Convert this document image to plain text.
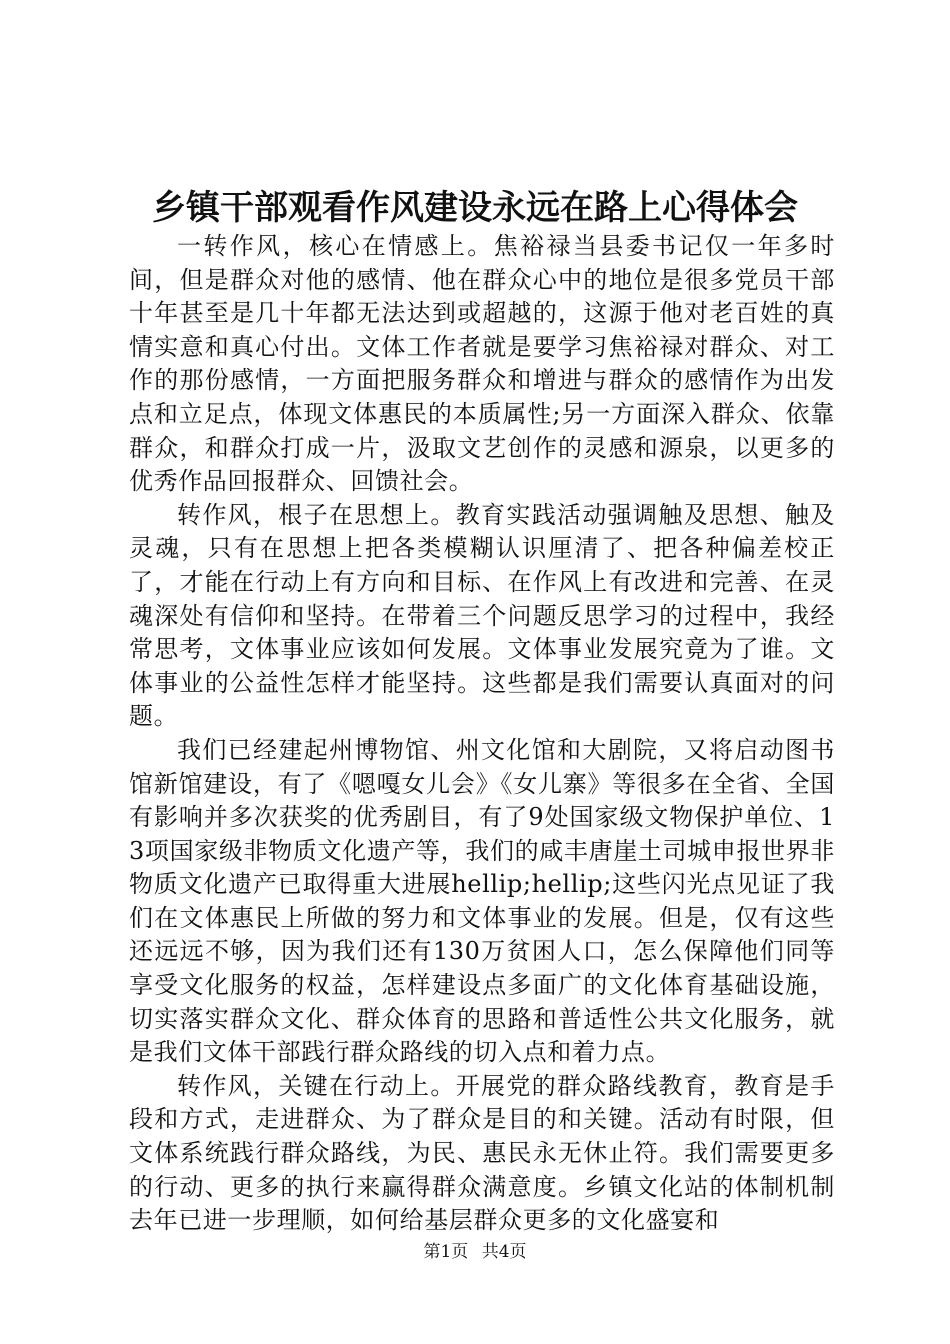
乡镇干部观看作风建设永远在路上心得体会

一转作风，核心在情感上。焦裕禄当县委书记仅一年多时间，但是群众对他的感情、他在群众心中的地位是很多党员干部十年甚至是几十年都无法达到或超越的，这源于他对老百姓的真情实意和真心付出。文体工作者就是要学习焦裕禄对群众、对工作的那份感情，一方面把服务群众和增进与群众的感情作为出发点和立足点，体现文体惠民的本质属性;另一方面深入群众、依靠群众，和群众打成一片，汲取文艺创作的灵感和源泉，以更多的优秀作品回报群众、回馈社会。

转作风，根子在思想上。教育实践活动强调触及思想、触及灵魂，只有在思想上把各类模糊认识厘清了、把各种偏差校正了，才能在行动上有方向和目标、在作风上有改进和完善、在灵魂深处有信仰和坚持。在带着三个问题反思学习的过程中，我经常思考，文体事业应该如何发展。文体事业发展究竟为了谁。文体事业的公益性怎样才能坚持。这些都是我们需要认真面对的问题。

我们已经建起州博物馆、州文化馆和大剧院，又将启动图书馆新馆建设，有了《嗯嘎女儿会》《女儿寨》等很多在全省、全国有影响并多次获奖的优秀剧目，有了9处国家级文物保护单位、13项国家级非物质文化遗产等，我们的咸丰唐崖土司城申报世界非物质文化遗产已取得重大进展hellip;hellip;这些闪光点见证了我们在文体惠民上所做的努力和文体事业的发展。但是，仅有这些还远远不够，因为我们还有130万贫困人口，怎么保障他们同等享受文化服务的权益，怎样建设点多面广的文化体育基础设施，切实落实群众文化、群众体育的思路和普适性公共文化服务，就是我们文体干部践行群众路线的切入点和着力点。

转作风，关键在行动上。开展党的群众路线教育，教育是手段和方式，走进群众、为了群众是目的和关键。活动有时限，但文体系统践行群众路线，为民、惠民永无休止符。我们需要更多的行动、更多的执行来赢得群众满意度。乡镇文化站的体制机制去年已进一步理顺，如何给基层群众更多的文化盛宴和

第1页 共4页
